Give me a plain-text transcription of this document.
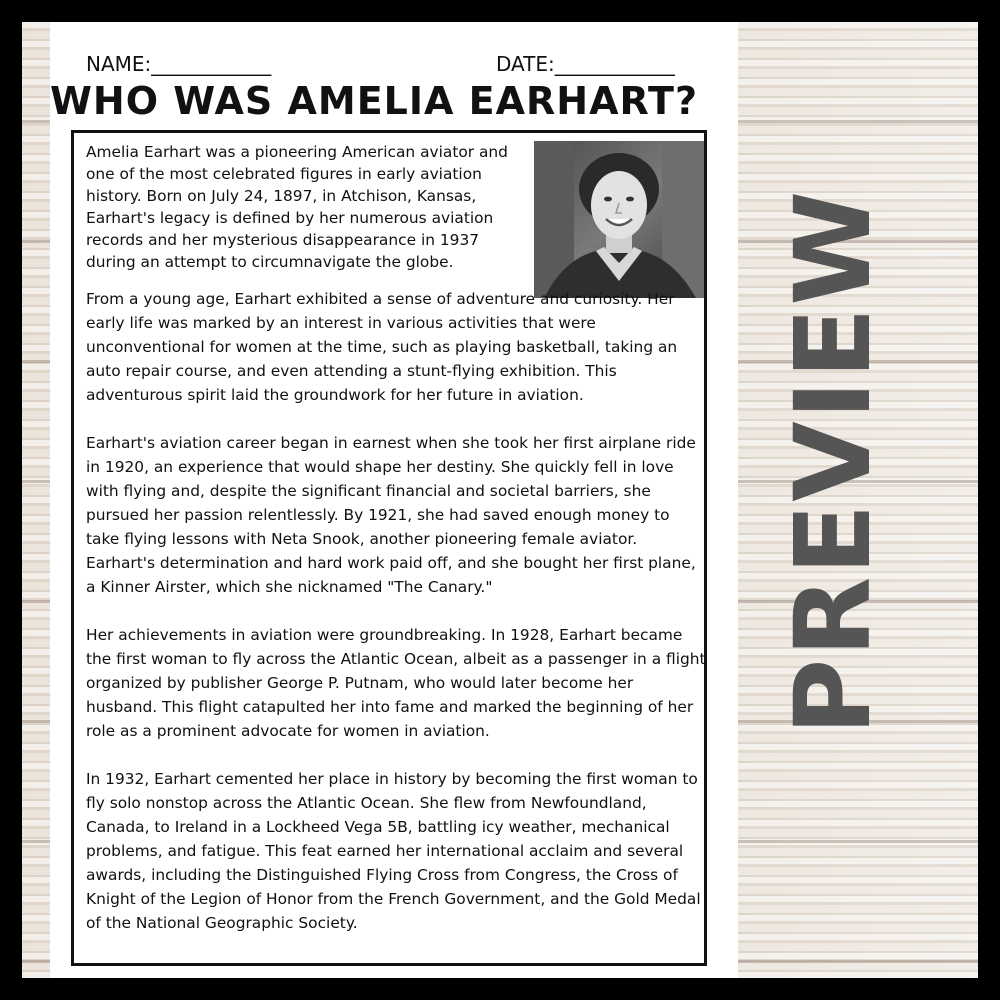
NAME:____________	DATE:____________
WHO WAS AMELIA EARHART?

Amelia Earhart was a pioneering American aviator and one of the most celebrated figures in early aviation history. Born on July 24, 1897, in Atchison, Kansas, Earhart's legacy is defined by her numerous aviation records and her mysterious disappearance in 1937 during an attempt to circumnavigate the globe.

From a young age, Earhart exhibited a sense of adventure and curiosity. Her early life was marked by an interest in various activities that were unconventional for women at the time, such as playing basketball, taking an auto repair course, and even attending a stunt-flying exhibition. This adventurous spirit laid the groundwork for her future in aviation.

Earhart's aviation career began in earnest when she took her first airplane ride in 1920, an experience that would shape her destiny. She quickly fell in love with flying and, despite the significant financial and societal barriers, she pursued her passion relentlessly. By 1921, she had saved enough money to take flying lessons with Neta Snook, another pioneering female aviator. Earhart's determination and hard work paid off, and she bought her first plane, a Kinner Airster, which she nicknamed "The Canary."

Her achievements in aviation were groundbreaking. In 1928, Earhart became the first woman to fly across the Atlantic Ocean, albeit as a passenger in a flight organized by publisher George P. Putnam, who would later become her husband. This flight catapulted her into fame and marked the beginning of her role as a prominent advocate for women in aviation.

In 1932, Earhart cemented her place in history by becoming the first woman to fly solo nonstop across the Atlantic Ocean. She flew from Newfoundland, Canada, to Ireland in a Lockheed Vega 5B, battling icy weather, mechanical problems, and fatigue. This feat earned her international acclaim and several awards, including the Distinguished Flying Cross from Congress, the Cross of Knight of the Legion of Honor from the French Government, and the Gold Medal of the National Geographic Society.

PREVIEW
